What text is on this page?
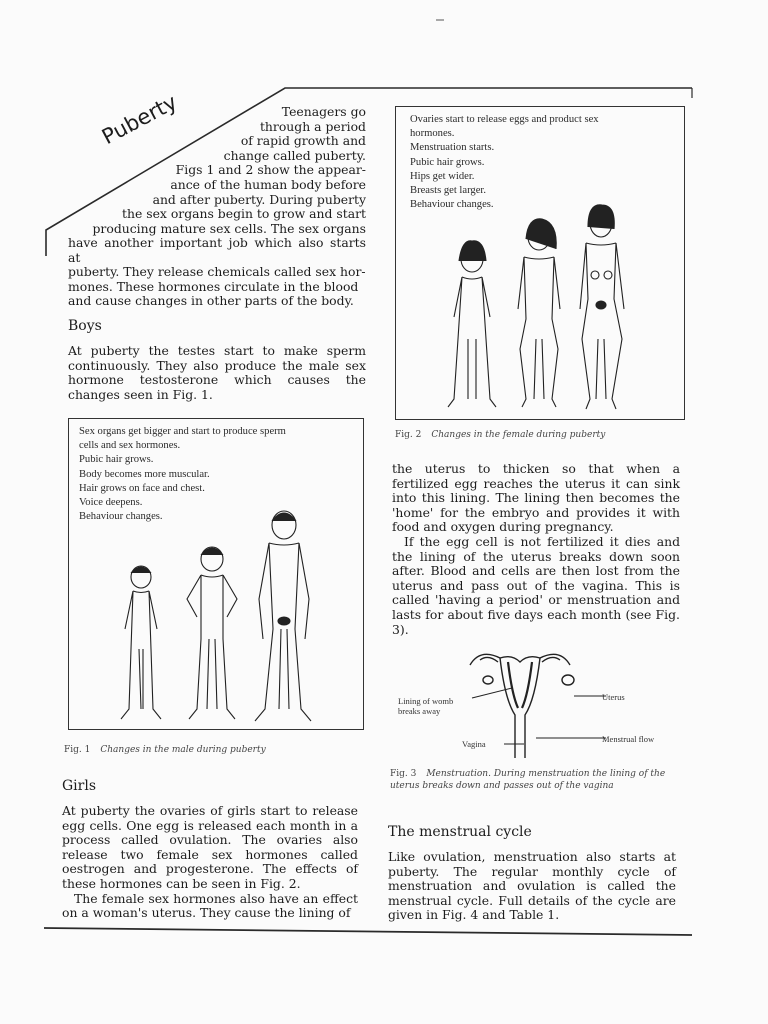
Puberty	Teenagers go
through a period
of rapid growth and
change called puberty.
Figs 1 and 2 show the appear-
ance of the human body before
and after puberty. During puberty
the sex organs begin to grow and start
producing mature sex cells. The sex organs
have another important job which also starts at
puberty. They release chemicals called sex hor-
mones. These hormones circulate in the blood
and cause changes in other parts of the body.
Boys
At puberty the testes start to make sperm continuously. They also produce the male sex hormone testosterone which causes the changes seen in Fig. 1.
Sex organs get bigger and start to produce sperm
cells and sex hormones.
Pubic hair grows.
Body becomes more muscular.
Hair grows on face and chest.
Voice deepens.
Behaviour changes.
Fig. 1 Changes in the male during puberty
Girls

At puberty the ovaries of girls start to release egg cells. One egg is released each month in a process called ovulation. The ovaries also release two female sex hormones called oestrogen and progesterone. The effects of these hormones can be seen in Fig. 2.

The female sex hormones also have an effect on a woman's uterus. They cause the lining of

Ovaries start to release eggs and product sex
hormones.
Menstruation starts.
Pubic hair grows.
Hips get wider.
Breasts get larger.
Behaviour changes.
Fig. 2 Changes in the female during puberty

the uterus to thicken so that when a fertilized egg reaches the uterus it can sink into this lining. The lining then becomes the 'home' for the embryo and provides it with food and oxygen during pregnancy.

If the egg cell is not fertilized it dies and the lining of the uterus breaks down soon after. Blood and cells are then lost from the uterus and pass out of the vagina. This is called 'having a period' or menstruation and lasts for about five days each month (see Fig. 3).

Lining of womb
breaks away
Uterus
Menstrual flow
Vagina
Fig. 3 Menstruation. During menstruation the lining of the
uterus breaks down and passes out of the vagina
The menstrual cycle
Like ovulation, menstruation also starts at puberty. The regular monthly cycle of menstruation and ovulation is called the menstrual cycle. Full details of the cycle are given in Fig. 4 and Table 1.
